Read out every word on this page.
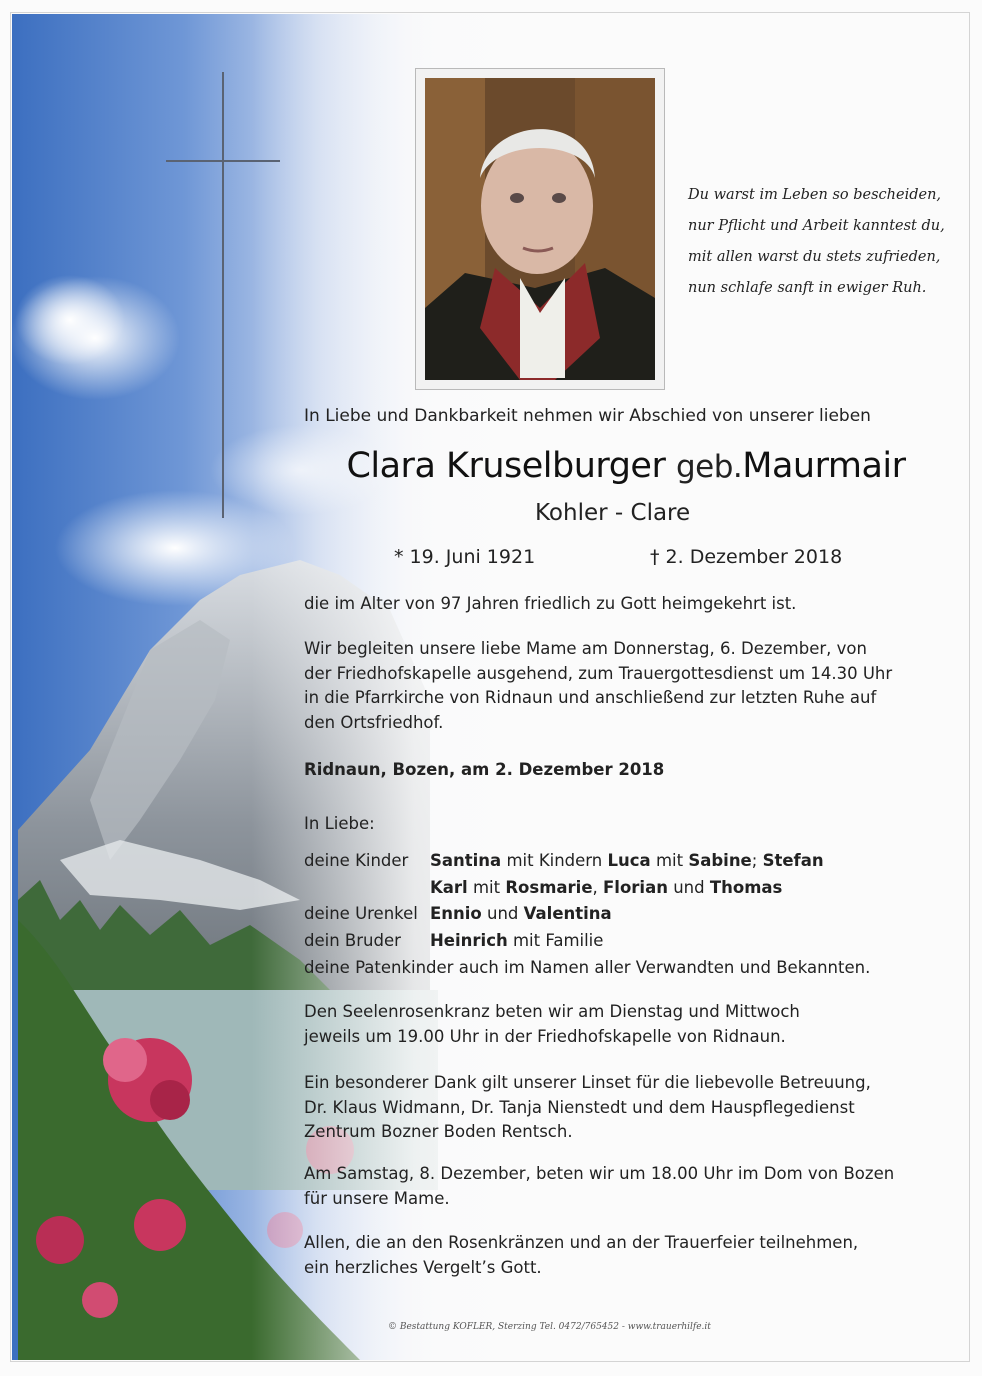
Du warst im Leben so bescheiden,
nur Pflicht und Arbeit kanntest du,
mit allen warst du stets zufrieden,
nun schlafe sanft in ewiger Ruh.
In Liebe und Dankbarkeit nehmen wir Abschied von unserer lieben
Clara Kruselburger geb.Maurmair
Kohler - Clare
* 19. Juni 1921	† 2. Dezember 2018
die im Alter von 97 Jahren friedlich zu Gott heimgekehrt ist.
Wir begleiten unsere liebe Mame am Donnerstag, 6. Dezember, von
der Friedhofskapelle ausgehend, zum Trauergottesdienst um 14.30 Uhr
in die Pfarrkirche von Ridnaun und anschließend zur letzten Ruhe auf
den Ortsfriedhof.
Ridnaun, Bozen, am 2. Dezember 2018
In Liebe:
deine Kinder Santina mit Kindern Luca mit Sabine; Stefan
Karl mit Rosmarie, Florian und Thomas
deine Urenkel Ennio und Valentina
dein Bruder Heinrich mit Familie
deine Patenkinder auch im Namen aller Verwandten und Bekannten.
Den Seelenrosenkranz beten wir am Dienstag und Mittwoch
jeweils um 19.00 Uhr in der Friedhofskapelle von Ridnaun.
Ein besonderer Dank gilt unserer Linset für die liebevolle Betreuung,
Dr. Klaus Widmann, Dr. Tanja Nienstedt und dem Hauspflegedienst
Zentrum Bozner Boden Rentsch.
Am Samstag, 8. Dezember, beten wir um 18.00 Uhr im Dom von Bozen
für unsere Mame.
Allen, die an den Rosenkränzen und an der Trauerfeier teilnehmen,
ein herzliches Vergelt’s Gott.
© Bestattung KOFLER, Sterzing Tel. 0472/765452 - www.trauerhilfe.it
